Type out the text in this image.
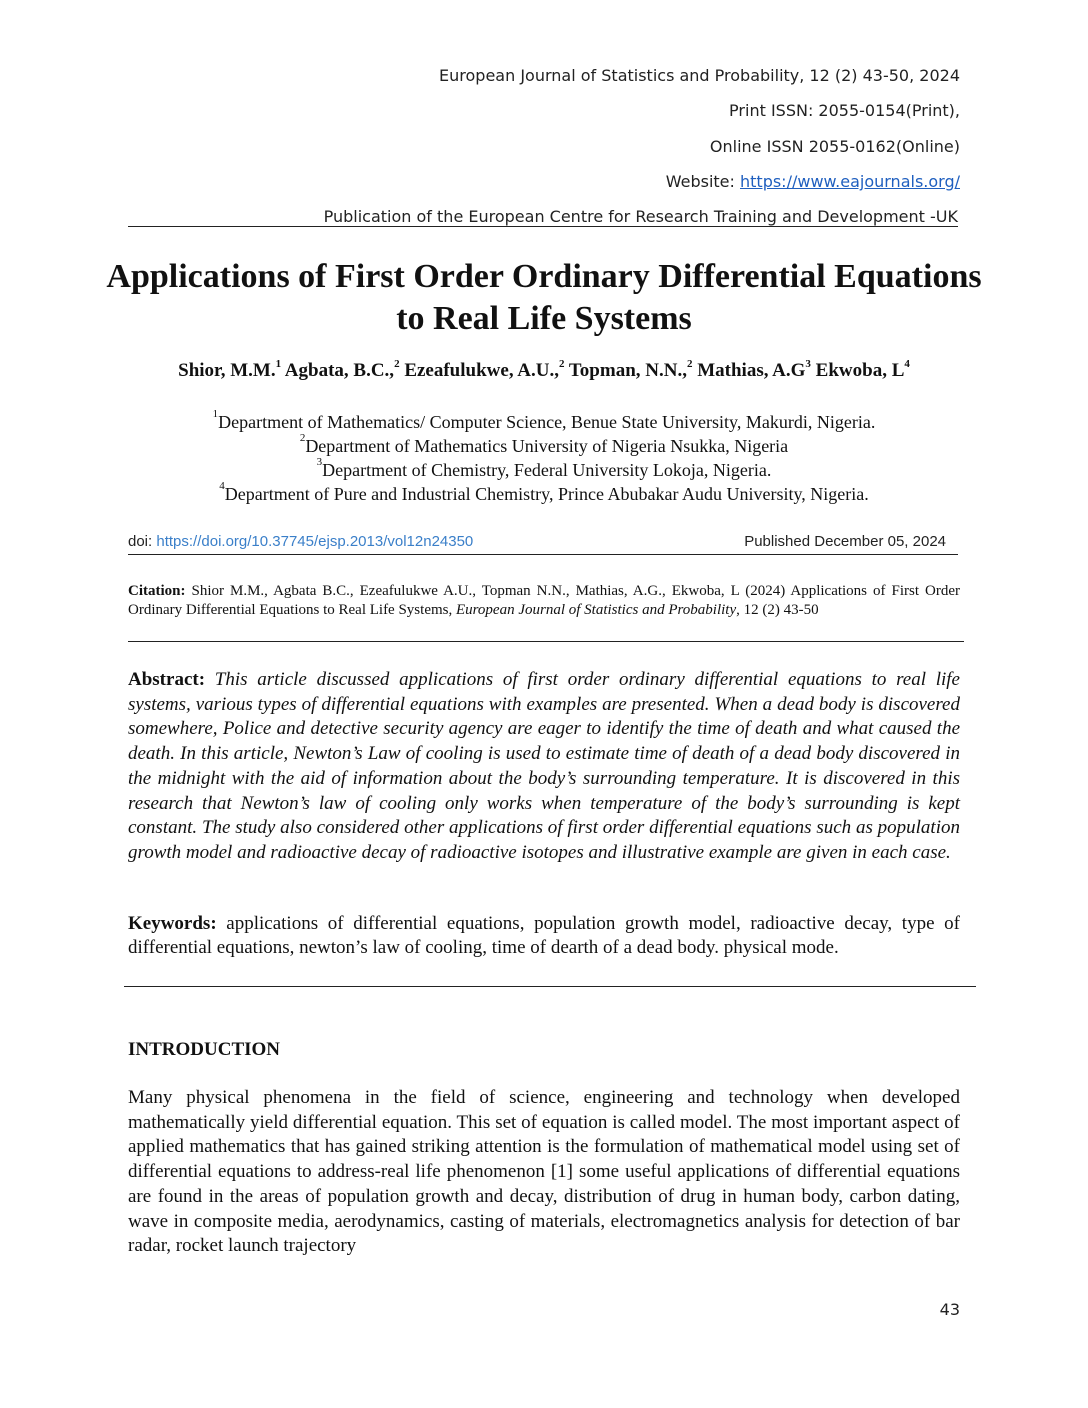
European Journal of Statistics and Probability, 12 (2) 43-50, 2024
Print ISSN: 2055-0154(Print),
Online ISSN 2055-0162(Online)
Website: https://www.eajournals.org/
Publication of the European Centre for Research Training and Development -UK
Applications of First Order Ordinary Differential Equations to Real Life Systems
Shior, M.M.$^1$ Agbata, B.C.,$^2$ Ezeafulukwe, A.U.,$^2$ Topman, N.N.,$^2$ Mathias, $A.G^3$ Ekwoba, $L^4$
$^1$Department of Mathematics/ Computer Science, Benue State University, Makurdi, Nigeria.
$^2$Department of Mathematics University of Nigeria Nsukka, Nigeria
$^3$Department of Chemistry, Federal University Lokoja, Nigeria.
$^4$Department of Pure and Industrial Chemistry, Prince Abubakar Audu University, Nigeria.
doi: https://doi.org/10.37745/ejsp.2013/vol12n24350	Published December 05, 2024
Citation: Shior M.M., Agbata B.C., Ezeafulukwe A.U., Topman N.N., Mathias, A.G., Ekwoba, L (2024) Applications of First Order Ordinary Differential Equations to Real Life Systems, European Journal of Statistics and Probability, 12 (2) 43-50
Abstract: This article discussed applications of first order ordinary differential equations to real life systems, various types of differential equations with examples are presented. When a dead body is discovered somewhere, Police and detective security agency are eager to identify the time of death and what caused the death. In this article, Newton’s Law of cooling is used to estimate time of death of a dead body discovered in the midnight with the aid of information about the body’s surrounding temperature. It is discovered in this research that Newton’s law of cooling only works when temperature of the body’s surrounding is kept constant. The study also considered other applications of first order differential equations such as population growth model and radioactive decay of radioactive isotopes and illustrative example are given in each case.
Keywords: applications of differential equations, population growth model, radioactive decay, type of differential equations, newton’s law of cooling, time of dearth of a dead body. physical mode.
INTRODUCTION
Many physical phenomena in the field of science, engineering and technology when developed mathematically yield differential equation. This set of equation is called model. The most important aspect of applied mathematics that has gained striking attention is the formulation of mathematical model using set of differential equations to address-real life phenomenon [1] some useful applications of differential equations are found in the areas of population growth and decay, distribution of drug in human body, carbon dating, wave in composite media, aerodynamics, casting of materials, electromagnetics analysis for detection of bar radar, rocket launch trajectory
43
